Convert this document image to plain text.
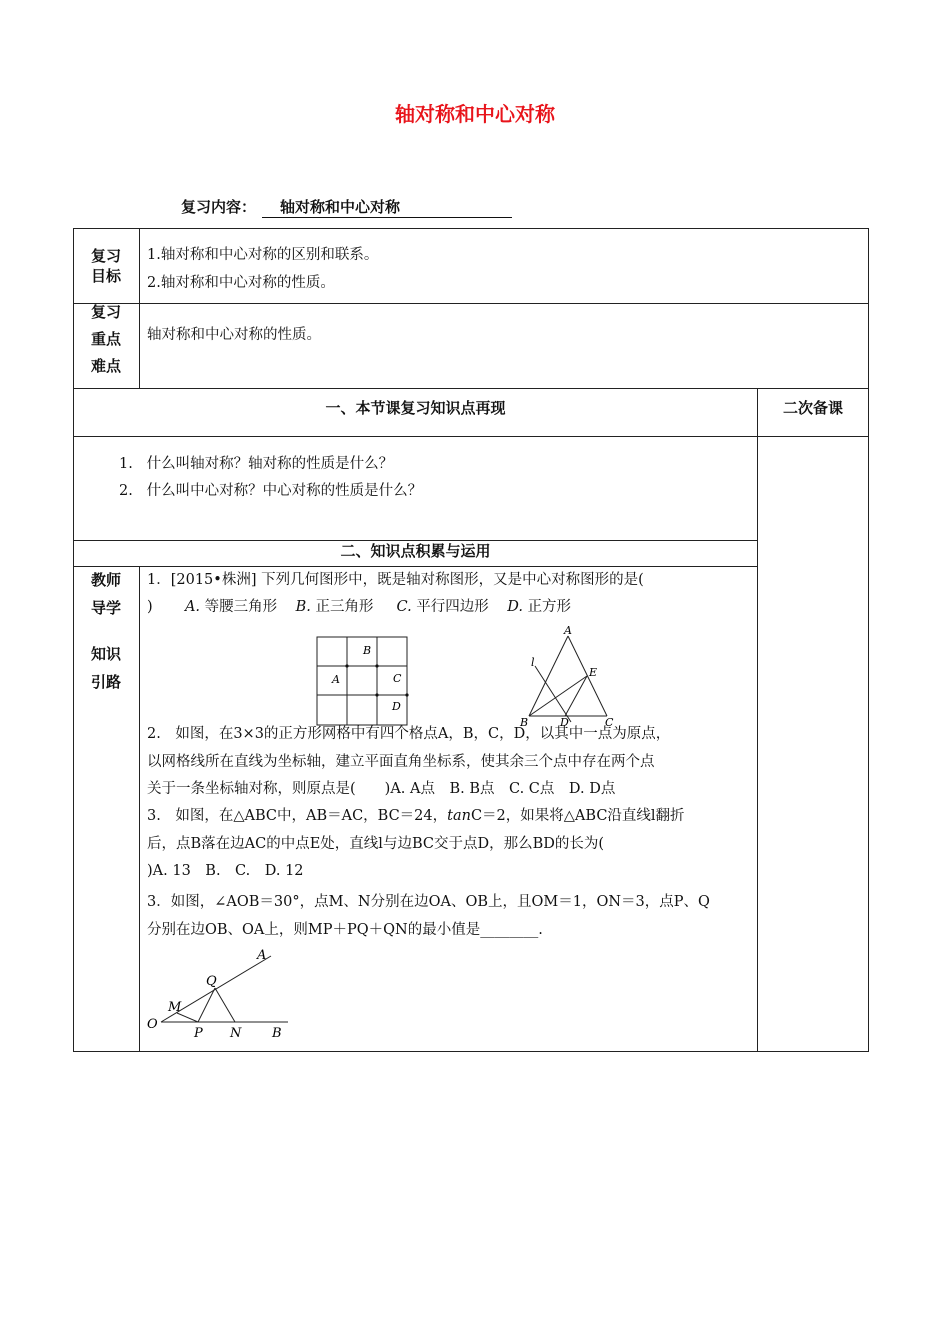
轴对称和中心对称
复习内容： 轴对称和中心对称
复习
目标
1.轴对称和中心对称的区别和联系。
2.轴对称和中心对称的性质。
复习
重点
难点
轴对称和中心对称的性质。
一、本节课复习知识点再现	二次备课
1. 什么叫轴对称？轴对称的性质是什么？
2. 什么叫中心对称？中心对称的性质是什么？
二、知识点积累与运用
教师
导学
知识
引路
1．[2015•株洲] 下列几何图形中，既是轴对称图形，又是中心对称图形的是(
) A. 等腰三角形 B. 正三角形 C. 平行四边形 D. 正方形
B
A	C
D
A
l
E
B	D	C
2.　如图，在3×3的正方形网格中有四个格点A，B，C，D，以其中一点为原点，
以网格线所在直线为坐标轴，建立平面直角坐标系，使其余三个点中存在两个点
关于一条坐标轴对称，则原点是(　　)A. A点　B. B点　C. C点　D. D点
3.　如图，在△ABC中，AB＝AC，BC＝24，tanC＝2，如果将△ABC沿直线l翻折
后，点B落在边AC的中点E处，直线l与边BC交于点D，那么BD的长为(
)A. 13　B.　C.　D. 12
3．如图，∠AOB＝30°，点M、N分别在边OA、OB上，且OM＝1，ON＝3，点P、Q
分别在边OB、OA上，则MP＋PQ＋QN的最小值是________.
A
Q
M
O
P N B
